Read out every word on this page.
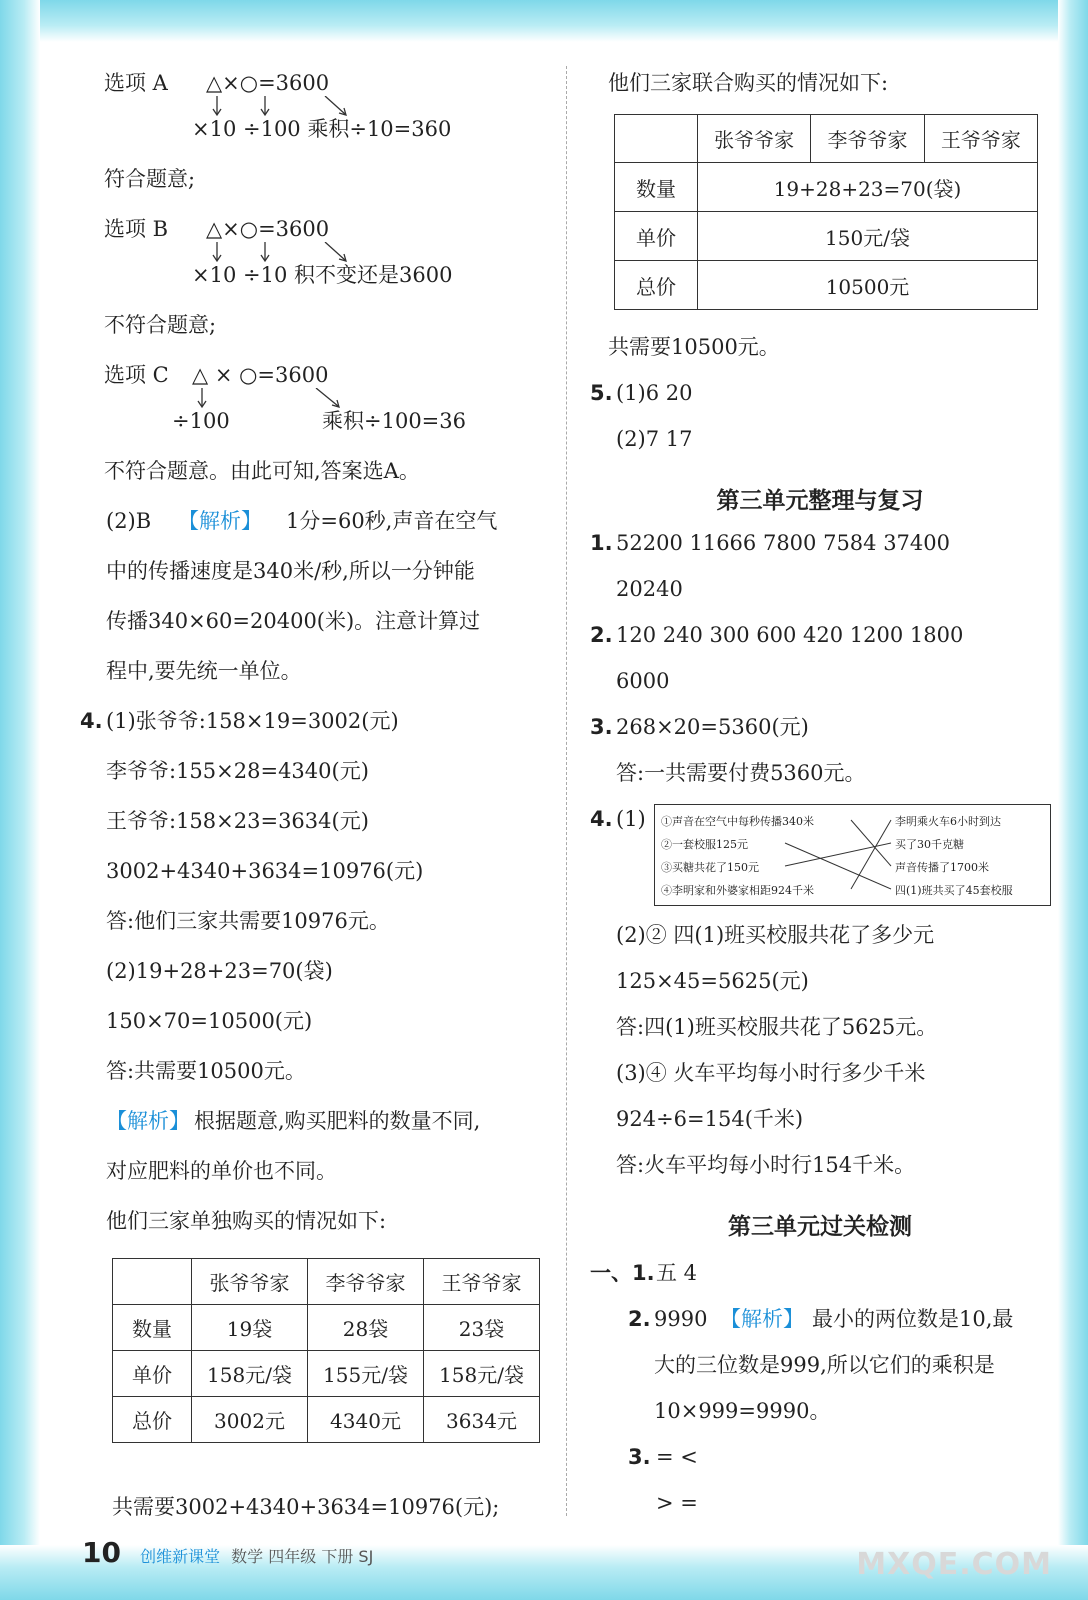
选项 A △×○=3600
×10 ÷100 乘积÷10=360
符合题意;
选项 B △×○=3600
×10 ÷10 积不变还是3600
不符合题意;
选项 C △ × ○=3600
÷100	乘积÷100=36
不符合题意。由此可知,答案选A。
(2)B 【解析】 1分=60秒,声音在空气
中的传播速度是340米/秒,所以一分钟能
传播340×60=20400(米)。注意计算过
程中,要先统一单位。
4. (1)张爷爷:158×19=3002(元)
李爷爷:155×28=4340(元)
王爷爷:158×23=3634(元)
3002+4340+3634=10976(元)
答:他们三家共需要10976元。
(2)19+28+23=70(袋)
150×70=10500(元)
答:共需要10500元。
【解析】 根据题意,购买肥料的数量不同,
对应肥料的单价也不同。
他们三家单独购买的情况如下:
	张爷爷家	李爷爷家	王爷爷家
数量	19袋	28袋	23袋
单价	158元/袋	155元/袋	158元/袋
总价	3002元	4340元	3634元
共需要3002+4340+3634=10976(元);
他们三家联合购买的情况如下:
	张爷爷家	李爷爷家	王爷爷家
数量	19+28+23=70(袋)		
单价	150元/袋		
总价	10500元		
共需要10500元。
5. (1)6 20
(2)7 17
第三单元整理与复习
1. 52200 11666 7800 7584 37400
20240
2. 120 240 300 600 420 1200 1800
6000
3. 268×20=5360(元)
答:一共需要付费5360元。
4. (1) ①声音在空气中每秒传播340米
②一套校服125元
③买糖共花了150元
④李明家和外婆家相距924千米
李明乘火车6小时到达
买了30千克糖
声音传播了1700米
四(1)班共买了45套校服
(2)② 四(1)班买校服共花了多少元
125×45=5625(元)
答:四(1)班买校服共花了5625元。
(3)④ 火车平均每小时行多少千米
924÷6=154(千米)
答:火车平均每小时行154千米。
第三单元过关检测
一、1. 五 4
2. 9990 【解析】 最小的两位数是10,最
大的三位数是999,所以它们的乘积是
10×999=9990。
3. = <
> =
10 创维新课堂 数学 四年级 下册 SJ	MXQE.COM
